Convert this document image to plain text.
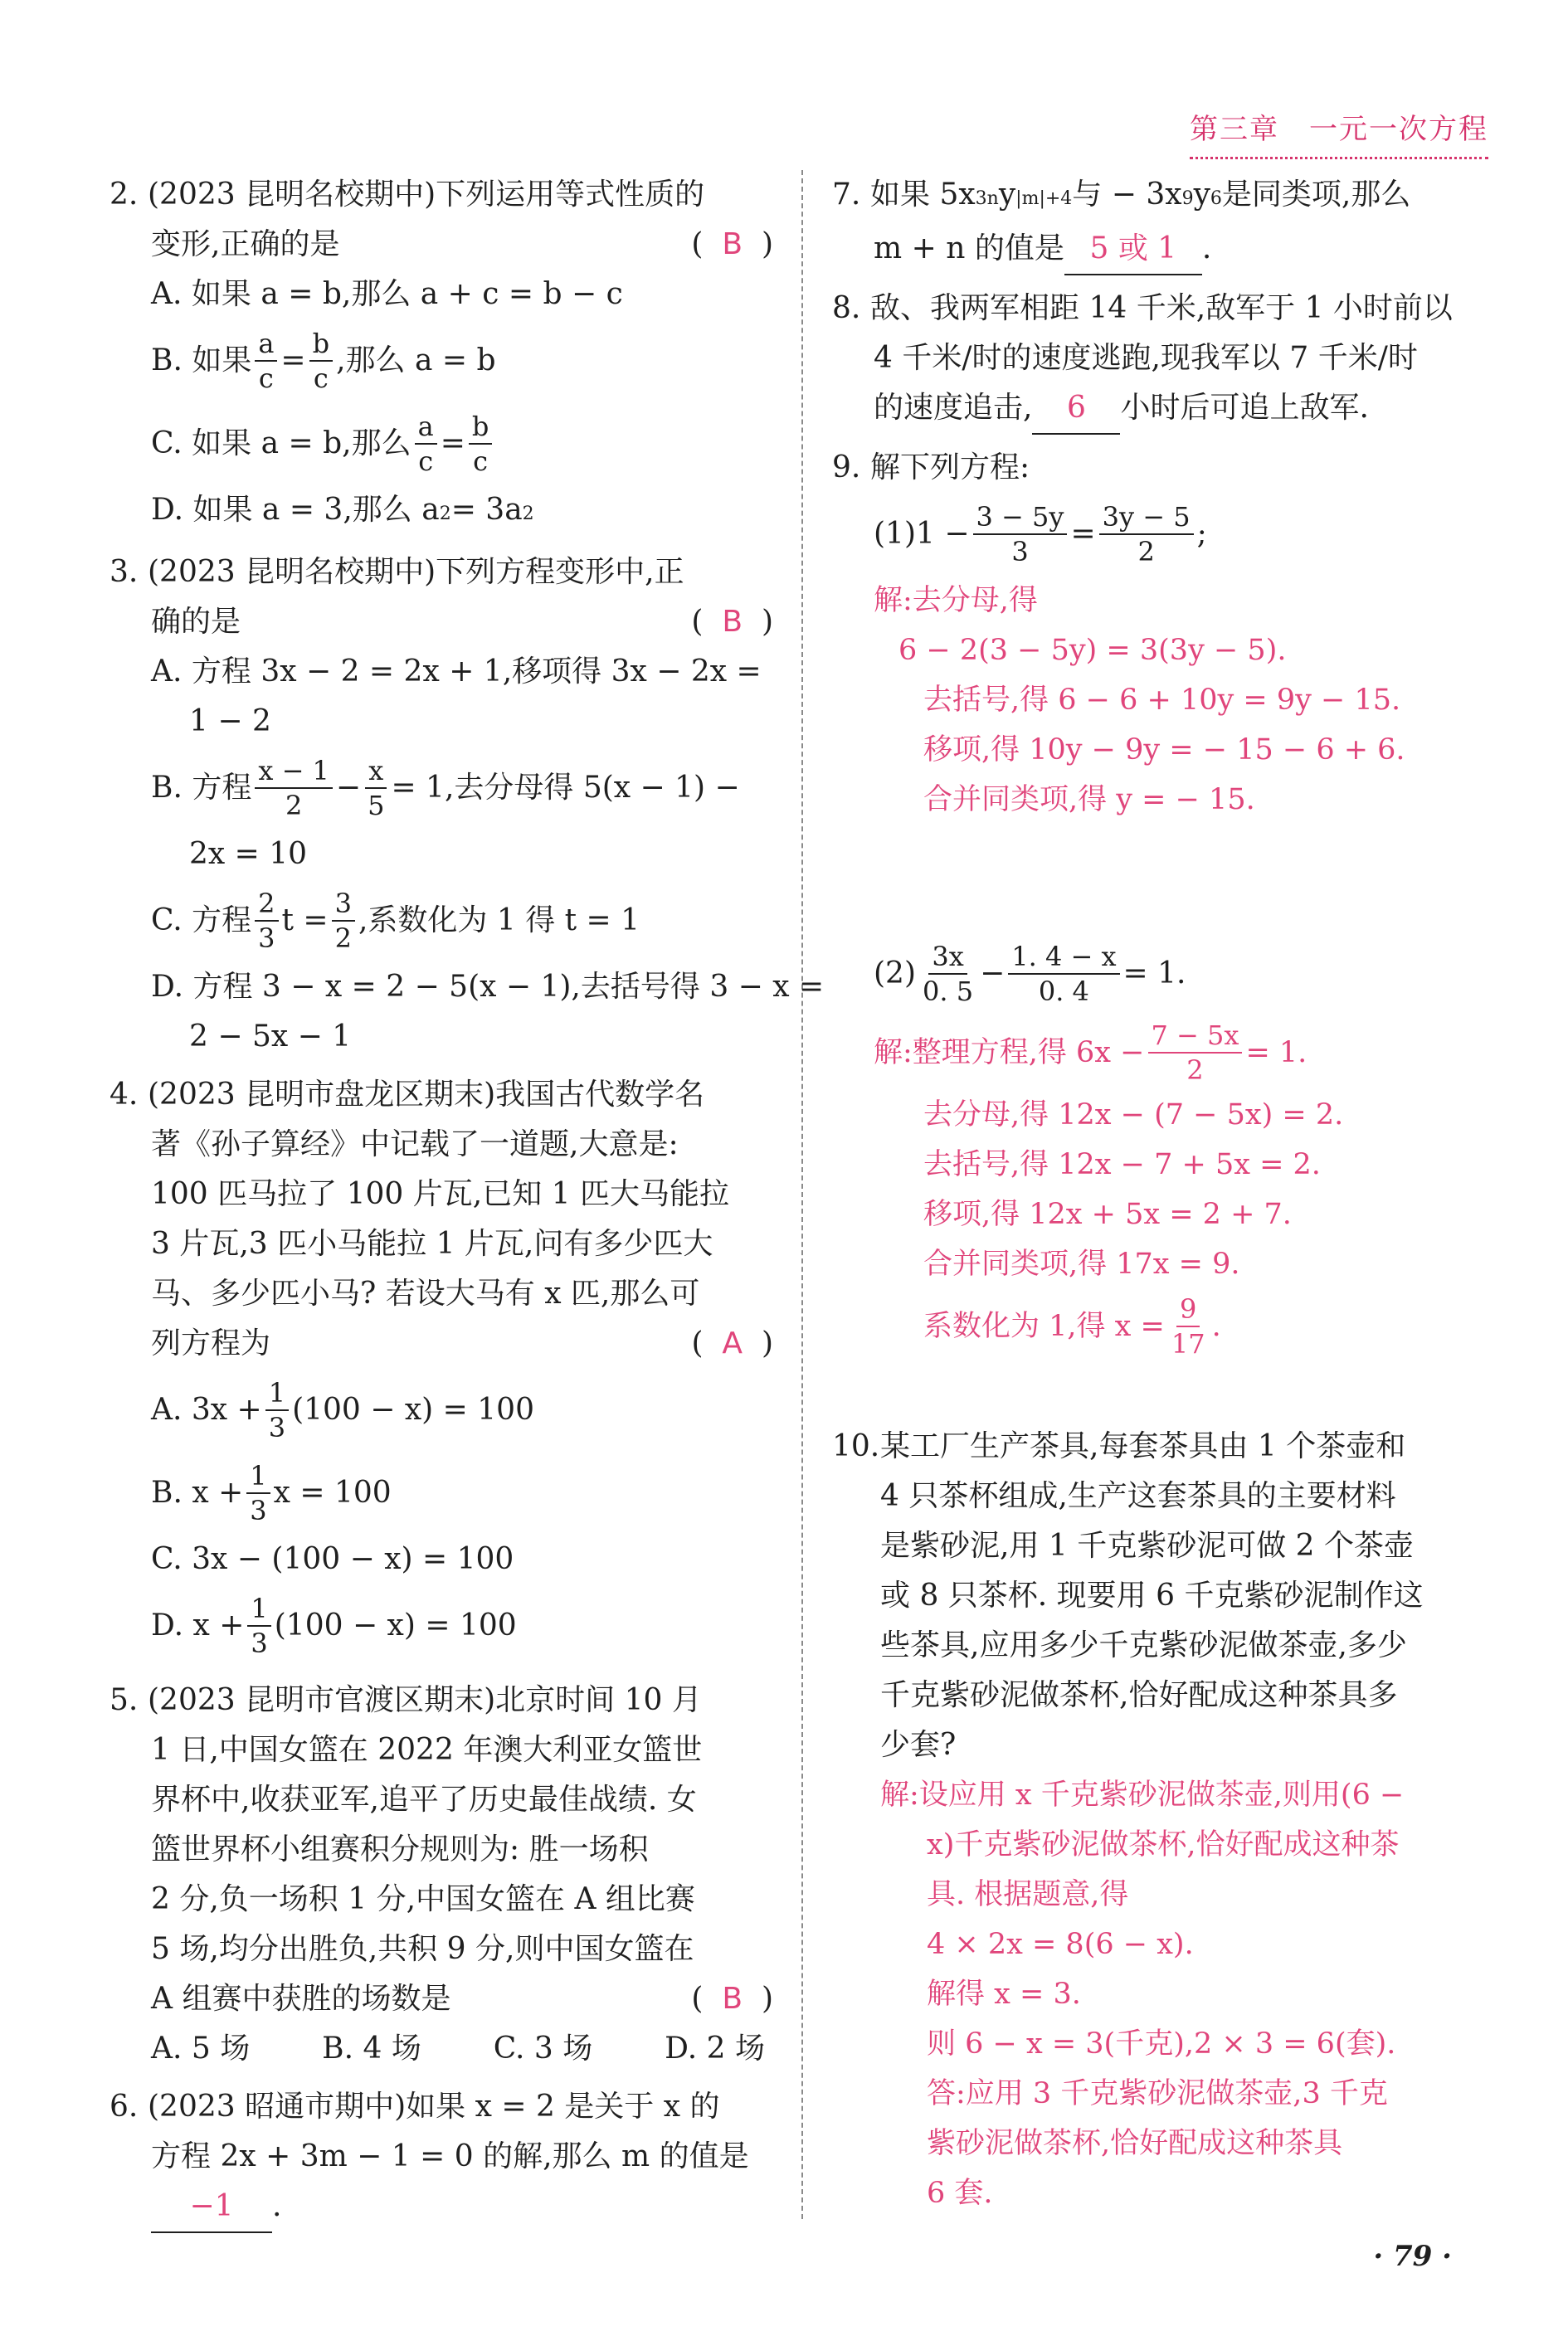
第三章　一元一次方程
2. (2023 昆明名校期中)下列运用等式性质的
变形,正确的是	(  B  )
A. 如果 a = b,那么 a + c = b − c
B. 如果 $\frac{a}{c} = \frac{b}{c}$ ,那么 a = b
C. 如果 a = b,那么 $\frac{a}{c} = \frac{b}{c}$
D. 如果 a = 3,那么 a 2 = 3a 2
3. (2023 昆明名校期中)下列方程变形中,正
确的是	(  B  )
A. 方程 3x − 2 = 2x + 1,移项得 3x − 2x =
1 − 2
B. 方程 $\frac{x - 1}{2} - \frac{x}{5} = 1$,去分母得 5(x − 1) −
2x = 10
C. 方程 $\frac{2}{3}$ $t = \frac{3}{2}$ ,系数化为 1 得 t = 1
D. 方程 3 − x = 2 − 5(x − 1),去括号得 3 − x =
2 − 5x − 1
4. (2023 昆明市盘龙区期末)我国古代数学名
著《孙子算经》中记载了一道题,大意是:
100 匹马拉了 100 片瓦,已知 1 匹大马能拉
3 片瓦,3 匹小马能拉 1 片瓦,问有多少匹大
马、多少匹小马? 若设大马有 x 匹,那么可
列方程为	(  A  )
A. $3x + \frac{1}{3} (100 - x) = 100$
B. $x + \frac{1}{3}$ x = 100
C. 3x − (100 − x) = 100
D. $x + \frac{1}{3} (100 - x) = 100$
5. (2023 昆明市官渡区期末)北京时间 10 月
1 日,中国女篮在 2022 年澳大利亚女篮世
界杯中,收获亚军,追平了历史最佳战绩. 女
篮世界杯小组赛积分规则为: 胜一场积
2 分,负一场积 1 分,中国女篮在 A 组比赛
5 场,均分出胜负,共积 9 分,则中国女篮在
A 组赛中获胜的场数是	(  B  )
A. 5 场 B. 4 场 C. 3 场 D. 2 场
6. (2023 昭通市期中)如果 x = 2 是关于 x 的
方程 2x + 3m − 1 = 0 的解,那么 m 的值是
−1	.
7. 如果 5x 3n y |m|+4 与 − 3x 9 y 6 是同类项,那么
m + n 的值是 5 或 1 .
8. 敌、我两军相距 14 千米,敌军于 1 小时前以
4 千米/时的速度逃跑,现我军以 7 千米/时
的速度追击,	6	小时后可追上敌军.
9. 解下列方程:
$(1)1 - \frac{3 - 5y}{3} = \frac{3y - 5}{2}$ ;
解:去分母,得
6 − 2(3 − 5y) = 3(3y − 5).
去括号,得 6 − 6 + 10y = 9y − 15.
移项,得 10y − 9y = − 15 − 6 + 6.
合并同类项,得 y = − 15.
$(2) \frac{3x}{0. 5} - \frac{1. 4 - x}{0. 4} = 1$.
解:整理方程,得 $6x - \frac{7 - 5x}{2} = 1$.
去分母,得 12x − (7 − 5x) = 2.
去括号,得 12x − 7 + 5x = 2.
移项,得 12x + 5x = 2 + 7.
合并同类项,得 17x = 9.
系数化为 1,得 $x = \frac{9}{17}$ .
10. 某工厂生产茶具,每套茶具由 1 个茶壶和
4 只茶杯组成,生产这套茶具的主要材料
是紫砂泥,用 1 千克紫砂泥可做 2 个茶壶
或 8 只茶杯. 现要用 6 千克紫砂泥制作这
些茶具,应用多少千克紫砂泥做茶壶,多少
千克紫砂泥做茶杯,恰好配成这种茶具多
少套?
解:设应用 x 千克紫砂泥做茶壶,则用(6 −
x)千克紫砂泥做茶杯,恰好配成这种茶
具. 根据题意,得
4 × 2x = 8(6 − x).
解得 x = 3.
则 6 − x = 3(千克),2 × 3 = 6(套).
答:应用 3 千克紫砂泥做茶壶,3 千克
紫砂泥做茶杯,恰好配成这种茶具
6 套.
· 79 ·
